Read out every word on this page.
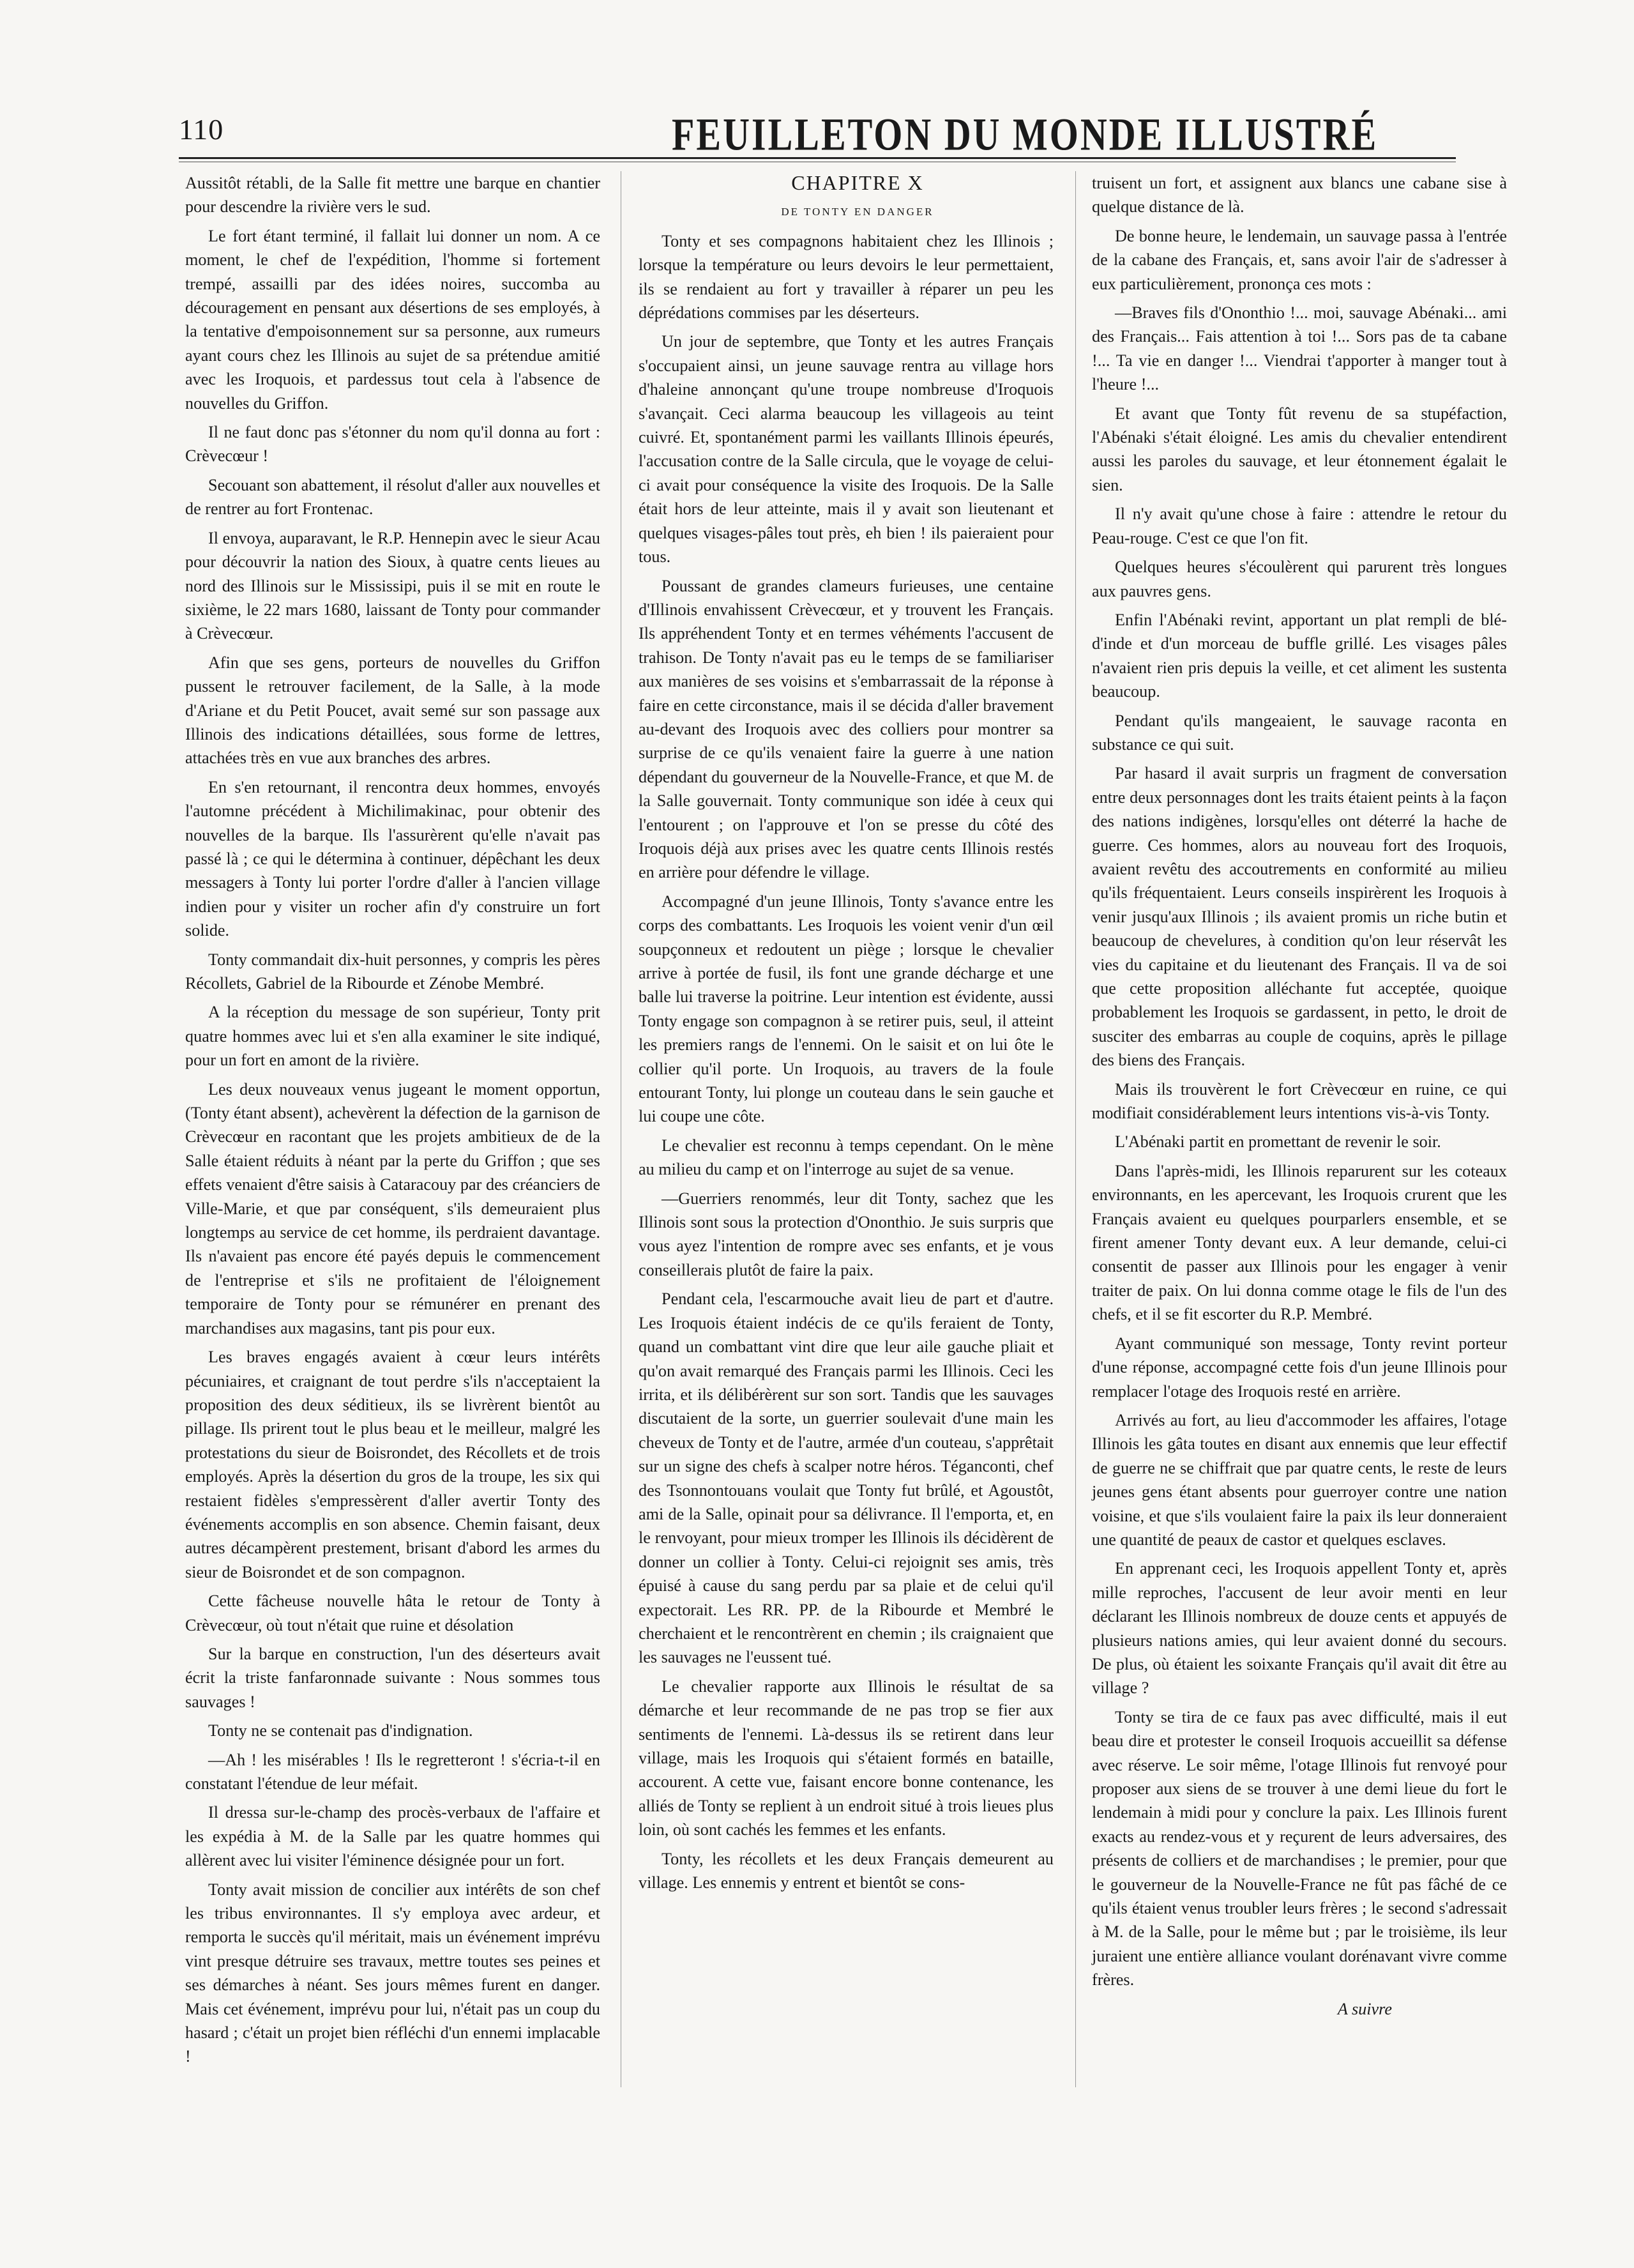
110	FEUILLETON DU MONDE ILLUSTRÉ

Aussitôt rétabli, de la Salle fit mettre une barque en chantier pour descendre la rivière vers le sud.

Le fort étant terminé, il fallait lui donner un nom. A ce moment, le chef de l'expédition, l'homme si fortement trempé, assailli par des idées noires, succomba au découragement en pensant aux désertions de ses employés, à la tentative d'empoisonnement sur sa personne, aux rumeurs ayant cours chez les Illinois au sujet de sa prétendue amitié avec les Iroquois, et pardessus tout cela à l'absence de nouvelles du Griffon.

Il ne faut donc pas s'étonner du nom qu'il donna au fort : Crèvecœur !

Secouant son abattement, il résolut d'aller aux nouvelles et de rentrer au fort Frontenac.

Il envoya, auparavant, le R.P. Hennepin avec le sieur Acau pour découvrir la nation des Sioux, à quatre cents lieues au nord des Illinois sur le Mississipi, puis il se mit en route le sixième, le 22 mars 1680, laissant de Tonty pour commander à Crèvecœur.

Afin que ses gens, porteurs de nouvelles du Griffon pussent le retrouver facilement, de la Salle, à la mode d'Ariane et du Petit Poucet, avait semé sur son passage aux Illinois des indications détaillées, sous forme de lettres, attachées très en vue aux branches des arbres.

En s'en retournant, il rencontra deux hommes, envoyés l'automne précédent à Michilimakinac, pour obtenir des nouvelles de la barque. Ils l'assurèrent qu'elle n'avait pas passé là ; ce qui le détermina à continuer, dépêchant les deux messagers à Tonty lui porter l'ordre d'aller à l'ancien village indien pour y visiter un rocher afin d'y construire un fort solide.

Tonty commandait dix-huit personnes, y compris les pères Récollets, Gabriel de la Ribourde et Zénobe Membré.

A la réception du message de son supérieur, Tonty prit quatre hommes avec lui et s'en alla examiner le site indiqué, pour un fort en amont de la rivière.

Les deux nouveaux venus jugeant le moment opportun, (Tonty étant absent), achevèrent la défection de la garnison de Crèvecœur en racontant que les projets ambitieux de de la Salle étaient réduits à néant par la perte du Griffon ; que ses effets venaient d'être saisis à Cataracouy par des créanciers de Ville-Marie, et que par conséquent, s'ils demeuraient plus longtemps au service de cet homme, ils perdraient davantage. Ils n'avaient pas encore été payés depuis le commencement de l'entreprise et s'ils ne profitaient de l'éloignement temporaire de Tonty pour se rémunérer en prenant des marchandises aux magasins, tant pis pour eux.

Les braves engagés avaient à cœur leurs intérêts pécuniaires, et craignant de tout perdre s'ils n'acceptaient la proposition des deux séditieux, ils se livrèrent bientôt au pillage. Ils prirent tout le plus beau et le meilleur, malgré les protestations du sieur de Boisrondet, des Récollets et de trois employés. Après la désertion du gros de la troupe, les six qui restaient fidèles s'empressèrent d'aller avertir Tonty des événements accomplis en son absence. Chemin faisant, deux autres décampèrent prestement, brisant d'abord les armes du sieur de Boisrondet et de son compagnon.

Cette fâcheuse nouvelle hâta le retour de Tonty à Crèvecœur, où tout n'était que ruine et désolation

Sur la barque en construction, l'un des déserteurs avait écrit la triste fanfaronnade suivante : Nous sommes tous sauvages !

Tonty ne se contenait pas d'indignation.

—Ah ! les misérables ! Ils le regretteront ! s'écria-t-il en constatant l'étendue de leur méfait.

Il dressa sur-le-champ des procès-verbaux de l'affaire et les expédia à M. de la Salle par les quatre hommes qui allèrent avec lui visiter l'éminence désignée pour un fort.

Tonty avait mission de concilier aux intérêts de son chef les tribus environnantes. Il s'y employa avec ardeur, et remporta le succès qu'il méritait, mais un événement imprévu vint presque détruire ses travaux, mettre toutes ses peines et ses démarches à néant. Ses jours mêmes furent en danger. Mais cet événement, imprévu pour lui, n'était pas un coup du hasard ; c'était un projet bien réfléchi d'un ennemi implacable !

CHAPITRE X

DE TONTY EN DANGER

Tonty et ses compagnons habitaient chez les Illinois ; lorsque la température ou leurs devoirs le leur permettaient, ils se rendaient au fort y travailler à réparer un peu les déprédations commises par les déserteurs.

Un jour de septembre, que Tonty et les autres Français s'occupaient ainsi, un jeune sauvage rentra au village hors d'haleine annonçant qu'une troupe nombreuse d'Iroquois s'avançait. Ceci alarma beaucoup les villageois au teint cuivré. Et, spontanément parmi les vaillants Illinois épeurés, l'accusation contre de la Salle circula, que le voyage de celui-ci avait pour conséquence la visite des Iroquois. De la Salle était hors de leur atteinte, mais il y avait son lieutenant et quelques visages-pâles tout près, eh bien ! ils paieraient pour tous.

Poussant de grandes clameurs furieuses, une centaine d'Illinois envahissent Crèvecœur, et y trouvent les Français. Ils appréhendent Tonty et en termes véhéments l'accusent de trahison. De Tonty n'avait pas eu le temps de se familiariser aux manières de ses voisins et s'embarrassait de la réponse à faire en cette circonstance, mais il se décida d'aller bravement au-devant des Iroquois avec des colliers pour montrer sa surprise de ce qu'ils venaient faire la guerre à une nation dépendant du gouverneur de la Nouvelle-France, et que M. de la Salle gouvernait. Tonty communique son idée à ceux qui l'entourent ; on l'approuve et l'on se presse du côté des Iroquois déjà aux prises avec les quatre cents Illinois restés en arrière pour défendre le village.

Accompagné d'un jeune Illinois, Tonty s'avance entre les corps des combattants. Les Iroquois les voient venir d'un œil soupçonneux et redoutent un piège ; lorsque le chevalier arrive à portée de fusil, ils font une grande décharge et une balle lui traverse la poitrine. Leur intention est évidente, aussi Tonty engage son compagnon à se retirer puis, seul, il atteint les premiers rangs de l'ennemi. On le saisit et on lui ôte le collier qu'il porte. Un Iroquois, au travers de la foule entourant Tonty, lui plonge un couteau dans le sein gauche et lui coupe une côte.

Le chevalier est reconnu à temps cependant. On le mène au milieu du camp et on l'interroge au sujet de sa venue.

—Guerriers renommés, leur dit Tonty, sachez que les Illinois sont sous la protection d'Ononthio. Je suis surpris que vous ayez l'intention de rompre avec ses enfants, et je vous conseillerais plutôt de faire la paix.

Pendant cela, l'escarmouche avait lieu de part et d'autre. Les Iroquois étaient indécis de ce qu'ils feraient de Tonty, quand un combattant vint dire que leur aile gauche pliait et qu'on avait remarqué des Français parmi les Illinois. Ceci les irrita, et ils délibérèrent sur son sort. Tandis que les sauvages discutaient de la sorte, un guerrier soulevait d'une main les cheveux de Tonty et de l'autre, armée d'un couteau, s'apprêtait sur un signe des chefs à scalper notre héros. Téganconti, chef des Tsonnontouans voulait que Tonty fut brûlé, et Agoustôt, ami de la Salle, opinait pour sa délivrance. Il l'emporta, et, en le renvoyant, pour mieux tromper les Illinois ils décidèrent de donner un collier à Tonty. Celui-ci rejoignit ses amis, très épuisé à cause du sang perdu par sa plaie et de celui qu'il expectorait. Les RR. PP. de la Ribourde et Membré le cherchaient et le rencontrèrent en chemin ; ils craignaient que les sauvages ne l'eussent tué.

Le chevalier rapporte aux Illinois le résultat de sa démarche et leur recommande de ne pas trop se fier aux sentiments de l'ennemi. Là-dessus ils se retirent dans leur village, mais les Iroquois qui s'étaient formés en bataille, accourent. A cette vue, faisant encore bonne contenance, les alliés de Tonty se replient à un endroit situé à trois lieues plus loin, où sont cachés les femmes et les enfants.

Tonty, les récollets et les deux Français demeurent au village. Les ennemis y entrent et bientôt se cons-

truisent un fort, et assignent aux blancs une cabane sise à quelque distance de là.

De bonne heure, le lendemain, un sauvage passa à l'entrée de la cabane des Français, et, sans avoir l'air de s'adresser à eux particulièrement, prononça ces mots :

—Braves fils d'Ononthio !... moi, sauvage Abénaki... ami des Français... Fais attention à toi !... Sors pas de ta cabane !... Ta vie en danger !... Viendrai t'apporter à manger tout à l'heure !...

Et avant que Tonty fût revenu de sa stupéfaction, l'Abénaki s'était éloigné. Les amis du chevalier entendirent aussi les paroles du sauvage, et leur étonnement égalait le sien.

Il n'y avait qu'une chose à faire : attendre le retour du Peau-rouge. C'est ce que l'on fit.

Quelques heures s'écoulèrent qui parurent très longues aux pauvres gens.

Enfin l'Abénaki revint, apportant un plat rempli de blé-d'inde et d'un morceau de buffle grillé. Les visages pâles n'avaient rien pris depuis la veille, et cet aliment les sustenta beaucoup.

Pendant qu'ils mangeaient, le sauvage raconta en substance ce qui suit.

Par hasard il avait surpris un fragment de conversation entre deux personnages dont les traits étaient peints à la façon des nations indigènes, lorsqu'elles ont déterré la hache de guerre. Ces hommes, alors au nouveau fort des Iroquois, avaient revêtu des accoutrements en conformité au milieu qu'ils fréquentaient. Leurs conseils inspirèrent les Iroquois à venir jusqu'aux Illinois ; ils avaient promis un riche butin et beaucoup de chevelures, à condition qu'on leur réservât les vies du capitaine et du lieutenant des Français. Il va de soi que cette proposition alléchante fut acceptée, quoique probablement les Iroquois se gardassent, in petto, le droit de susciter des embarras au couple de coquins, après le pillage des biens des Français.

Mais ils trouvèrent le fort Crèvecœur en ruine, ce qui modifiait considérablement leurs intentions vis-à-vis Tonty.

L'Abénaki partit en promettant de revenir le soir.

Dans l'après-midi, les Illinois reparurent sur les coteaux environnants, en les apercevant, les Iroquois crurent que les Français avaient eu quelques pourparlers ensemble, et se firent amener Tonty devant eux. A leur demande, celui-ci consentit de passer aux Illinois pour les engager à venir traiter de paix. On lui donna comme otage le fils de l'un des chefs, et il se fit escorter du R.P. Membré.

Ayant communiqué son message, Tonty revint porteur d'une réponse, accompagné cette fois d'un jeune Illinois pour remplacer l'otage des Iroquois resté en arrière.

Arrivés au fort, au lieu d'accommoder les affaires, l'otage Illinois les gâta toutes en disant aux ennemis que leur effectif de guerre ne se chiffrait que par quatre cents, le reste de leurs jeunes gens étant absents pour guerroyer contre une nation voisine, et que s'ils voulaient faire la paix ils leur donneraient une quantité de peaux de castor et quelques esclaves.

En apprenant ceci, les Iroquois appellent Tonty et, après mille reproches, l'accusent de leur avoir menti en leur déclarant les Illinois nombreux de douze cents et appuyés de plusieurs nations amies, qui leur avaient donné du secours. De plus, où étaient les soixante Français qu'il avait dit être au village ?

Tonty se tira de ce faux pas avec difficulté, mais il eut beau dire et protester le conseil Iroquois accueillit sa défense avec réserve. Le soir même, l'otage Illinois fut renvoyé pour proposer aux siens de se trouver à une demi lieue du fort le lendemain à midi pour y conclure la paix. Les Illinois furent exacts au rendez-vous et y reçurent de leurs adversaires, des présents de colliers et de marchandises ; le premier, pour que le gouverneur de la Nouvelle-France ne fût pas fâché de ce qu'ils étaient venus troubler leurs frères ; le second s'adressait à M. de la Salle, pour le même but ; par le troisième, ils leur juraient une entière alliance voulant dorénavant vivre comme frères.

A suivre
